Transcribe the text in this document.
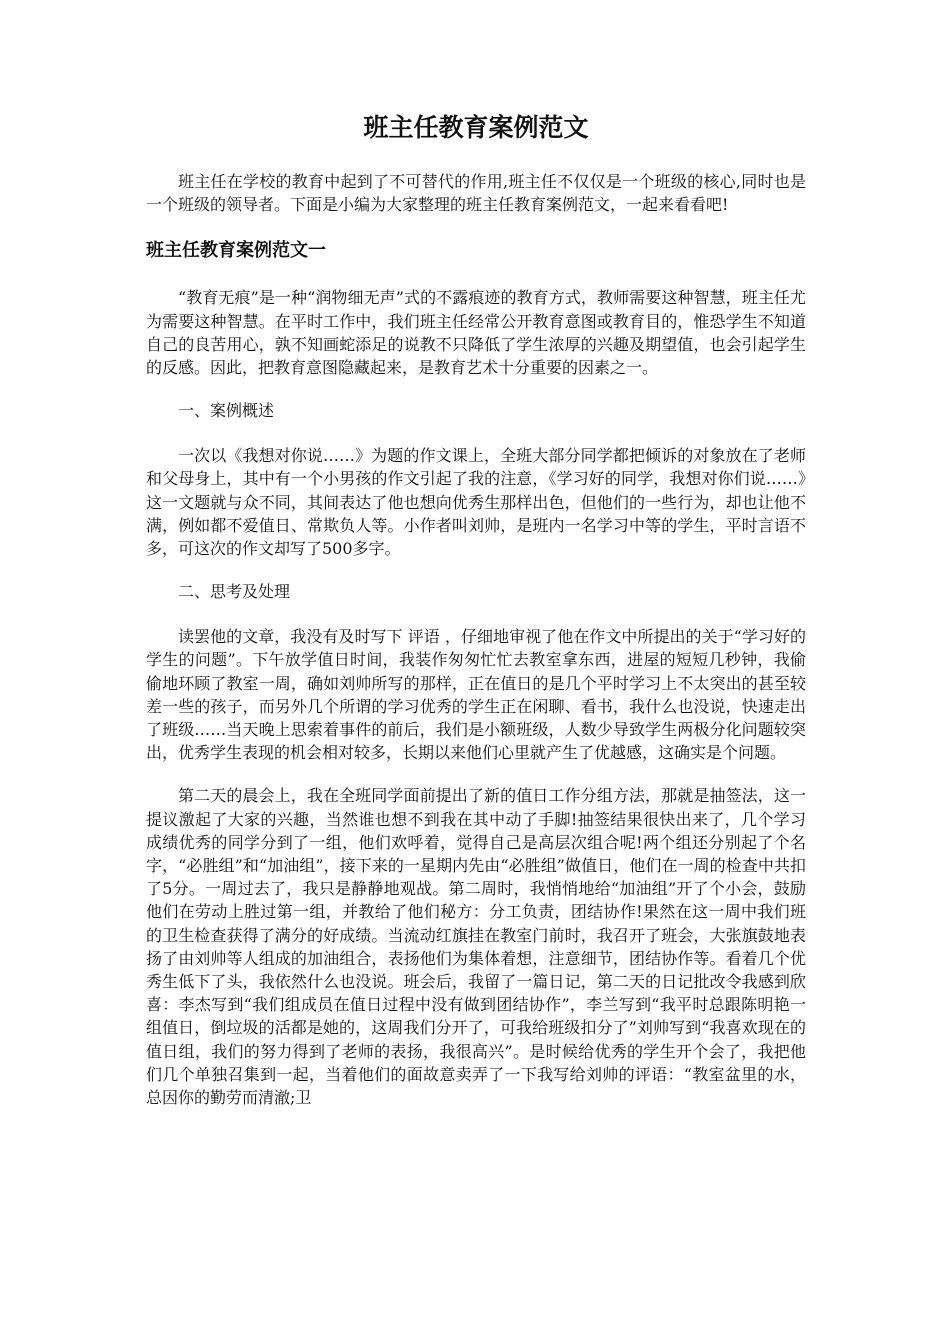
班主任教育案例范文

班主任在学校的教育中起到了不可替代的作用,班主任不仅仅是一个班级的核心,同时也是一个班级的领导者。下面是小编为大家整理的班主任教育案例范文，一起来看看吧!

班主任教育案例范文一

“教育无痕”是一种“润物细无声”式的不露痕迹的教育方式，教师需要这种智慧，班主任尤为需要这种智慧。在平时工作中，我们班主任经常公开教育意图或教育目的，惟恐学生不知道自己的良苦用心，孰不知画蛇添足的说教不只降低了学生浓厚的兴趣及期望值，也会引起学生的反感。因此，把教育意图隐藏起来，是教育艺术十分重要的因素之一。

一、案例概述

一次以《我想对你说……》为题的作文课上，全班大部分同学都把倾诉的对象放在了老师和父母身上，其中有一个小男孩的作文引起了我的注意，《学习好的同学，我想对你们说……》这一文题就与众不同，其间表达了他也想向优秀生那样出色，但他们的一些行为，却也让他不满，例如都不爱值日、常欺负人等。小作者叫刘帅，是班内一名学习中等的学生，平时言语不多，可这次的作文却写了500多字。

二、思考及处理

读罢他的文章，我没有及时写下 评语 ，仔细地审视了他在作文中所提出的关于“学习好的学生的问题”。下午放学值日时间，我装作匆匆忙忙去教室拿东西，进屋的短短几秒钟，我偷偷地环顾了教室一周，确如刘帅所写的那样，正在值日的是几个平时学习上不太突出的甚至较差一些的孩子，而另外几个所谓的学习优秀的学生正在闲聊、看书，我什么也没说，快速走出了班级……当天晚上思索着事件的前后，我们是小额班级，人数少导致学生两极分化问题较突出，优秀学生表现的机会相对较多，长期以来他们心里就产生了优越感，这确实是个问题。

第二天的晨会上，我在全班同学面前提出了新的值日工作分组方法，那就是抽签法，这一提议激起了大家的兴趣，当然谁也想不到我在其中动了手脚!抽签结果很快出来了，几个学习成绩优秀的同学分到了一组，他们欢呼着，觉得自己是高层次组合呢!两个组还分别起了个名字，“必胜组”和“加油组”，接下来的一星期内先由“必胜组”做值日，他们在一周的检查中共扣了5分。一周过去了，我只是静静地观战。第二周时，我悄悄地给“加油组”开了个小会，鼓励他们在劳动上胜过第一组，并教给了他们秘方：分工负责，团结协作!果然在这一周中我们班的卫生检查获得了满分的好成绩。当流动红旗挂在教室门前时，我召开了班会，大张旗鼓地表扬了由刘帅等人组成的加油组合，表扬他们为集体着想，注意细节，团结协作等。看着几个优秀生低下了头，我依然什么也没说。班会后，我留了一篇日记，第二天的日记批改令我感到欣喜：李杰写到“我们组成员在值日过程中没有做到团结协作”，李兰写到“我平时总跟陈明艳一组值日，倒垃圾的活都是她的，这周我们分开了，可我给班级扣分了”刘帅写到“我喜欢现在的值日组，我们的努力得到了老师的表扬，我很高兴”。是时候给优秀的学生开个会了，我把他们几个单独召集到一起，当着他们的面故意卖弄了一下我写给刘帅的评语：“教室盆里的水，总因你的勤劳而清澈;卫
